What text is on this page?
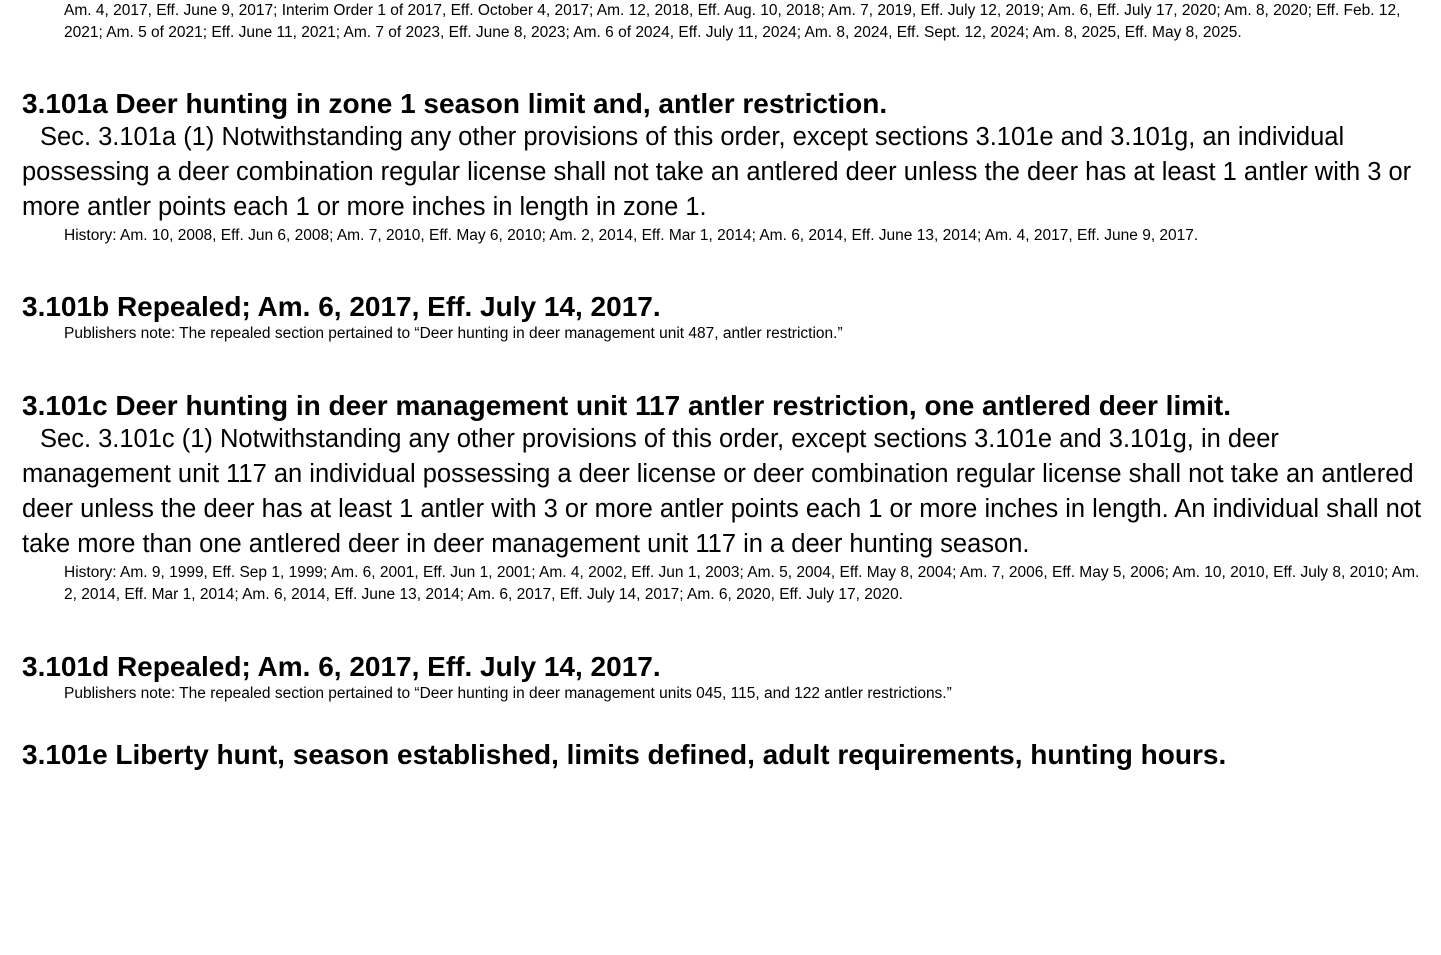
Am. 4, 2017, Eff. June 9, 2017; Interim Order 1 of 2017, Eff. October 4, 2017; Am. 12, 2018, Eff. Aug. 10, 2018; Am. 7, 2019, Eff. July 12, 2019; Am. 6, Eff. July 17, 2020; Am. 8, 2020; Eff. Feb. 12, 2021; Am. 5 of 2021; Eff. June 11, 2021; Am. 7 of 2023, Eff. June 8, 2023; Am. 6 of 2024, Eff. July 11, 2024; Am. 8, 2024, Eff. Sept. 12, 2024; Am. 8, 2025, Eff. May 8, 2025.

3.101a Deer hunting in zone 1 season limit and, antler restriction.

Sec. 3.101a (1) Notwithstanding any other provisions of this order, except sections 3.101e and 3.101g, an individual possessing a deer combination regular license shall not take an antlered deer unless the deer has at least 1 antler with 3 or more antler points each 1 or more inches in length in zone 1.

History: Am. 10, 2008, Eff. Jun 6, 2008; Am. 7, 2010, Eff. May 6, 2010; Am. 2, 2014, Eff. Mar 1, 2014; Am. 6, 2014, Eff. June 13, 2014; Am. 4, 2017, Eff. June 9, 2017.

3.101b Repealed; Am. 6, 2017, Eff. July 14, 2017.

Publishers note: The repealed section pertained to “Deer hunting in deer management unit 487, antler restriction.”

3.101c Deer hunting in deer management unit 117 antler restriction, one antlered deer limit.

Sec. 3.101c (1) Notwithstanding any other provisions of this order, except sections 3.101e and 3.101g, in deer management unit 117 an individual possessing a deer license or deer combination regular license shall not take an antlered deer unless the deer has at least 1 antler with 3 or more antler points each 1 or more inches in length. An individual shall not take more than one antlered deer in deer management unit 117 in a deer hunting season.

History: Am. 9, 1999, Eff. Sep 1, 1999; Am. 6, 2001, Eff. Jun 1, 2001; Am. 4, 2002, Eff. Jun 1, 2003; Am. 5, 2004, Eff. May 8, 2004; Am. 7, 2006, Eff. May 5, 2006; Am. 10, 2010, Eff. July 8, 2010; Am. 2, 2014, Eff. Mar 1, 2014; Am. 6, 2014, Eff. June 13, 2014; Am. 6, 2017, Eff. July 14, 2017; Am. 6, 2020, Eff. July 17, 2020.

3.101d Repealed; Am. 6, 2017, Eff. July 14, 2017.

Publishers note: The repealed section pertained to “Deer hunting in deer management units 045, 115, and 122 antler restrictions.”

3.101e Liberty hunt, season established, limits defined, adult requirements, hunting hours.
